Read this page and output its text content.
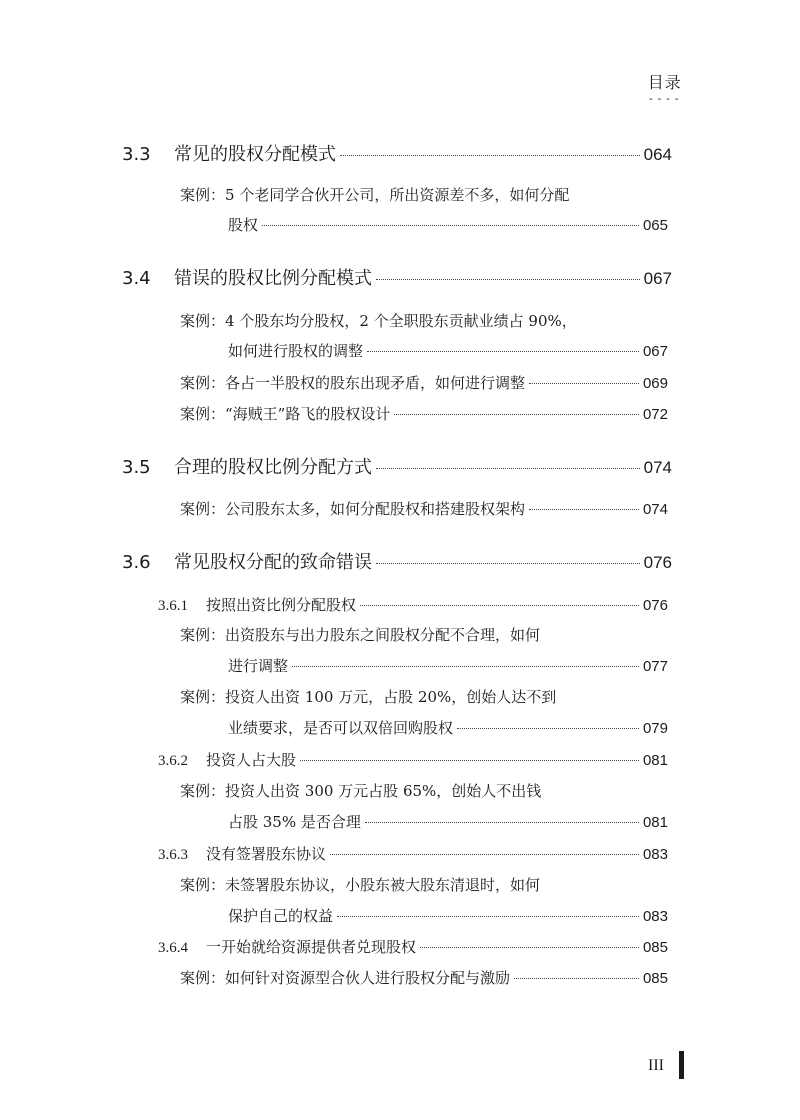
目录
----
3.3	常见的股权分配模式	064
案例： 5 个老同学合伙开公司，所出资源差不多，如何分配
股权	065
3.4	错误的股权比例分配模式	067
案例： 4 个股东均分股权，2 个全职股东贡献业绩占 90%，
如何进行股权的调整	067
案例： 各占一半股权的股东出现矛盾，如何进行调整	069
案例： “海贼王”路飞的股权设计	072
3.5	合理的股权比例分配方式	074
案例： 公司股东太多，如何分配股权和搭建股权架构	074
3.6	常见股权分配的致命错误	076
3.6.1	按照出资比例分配股权	076
案例： 出资股东与出力股东之间股权分配不合理，如何
进行调整	077
案例： 投资人出资 100 万元，占股 20%，创始人达不到
业绩要求，是否可以双倍回购股权	079
3.6.2	投资人占大股	081
案例： 投资人出资 300 万元占股 65%，创始人不出钱
占股 35% 是否合理	081
3.6.3	没有签署股东协议	083
案例： 未签署股东协议，小股东被大股东清退时，如何
保护自己的权益	083
3.6.4	一开始就给资源提供者兑现股权	085
案例： 如何针对资源型合伙人进行股权分配与激励	085
III
